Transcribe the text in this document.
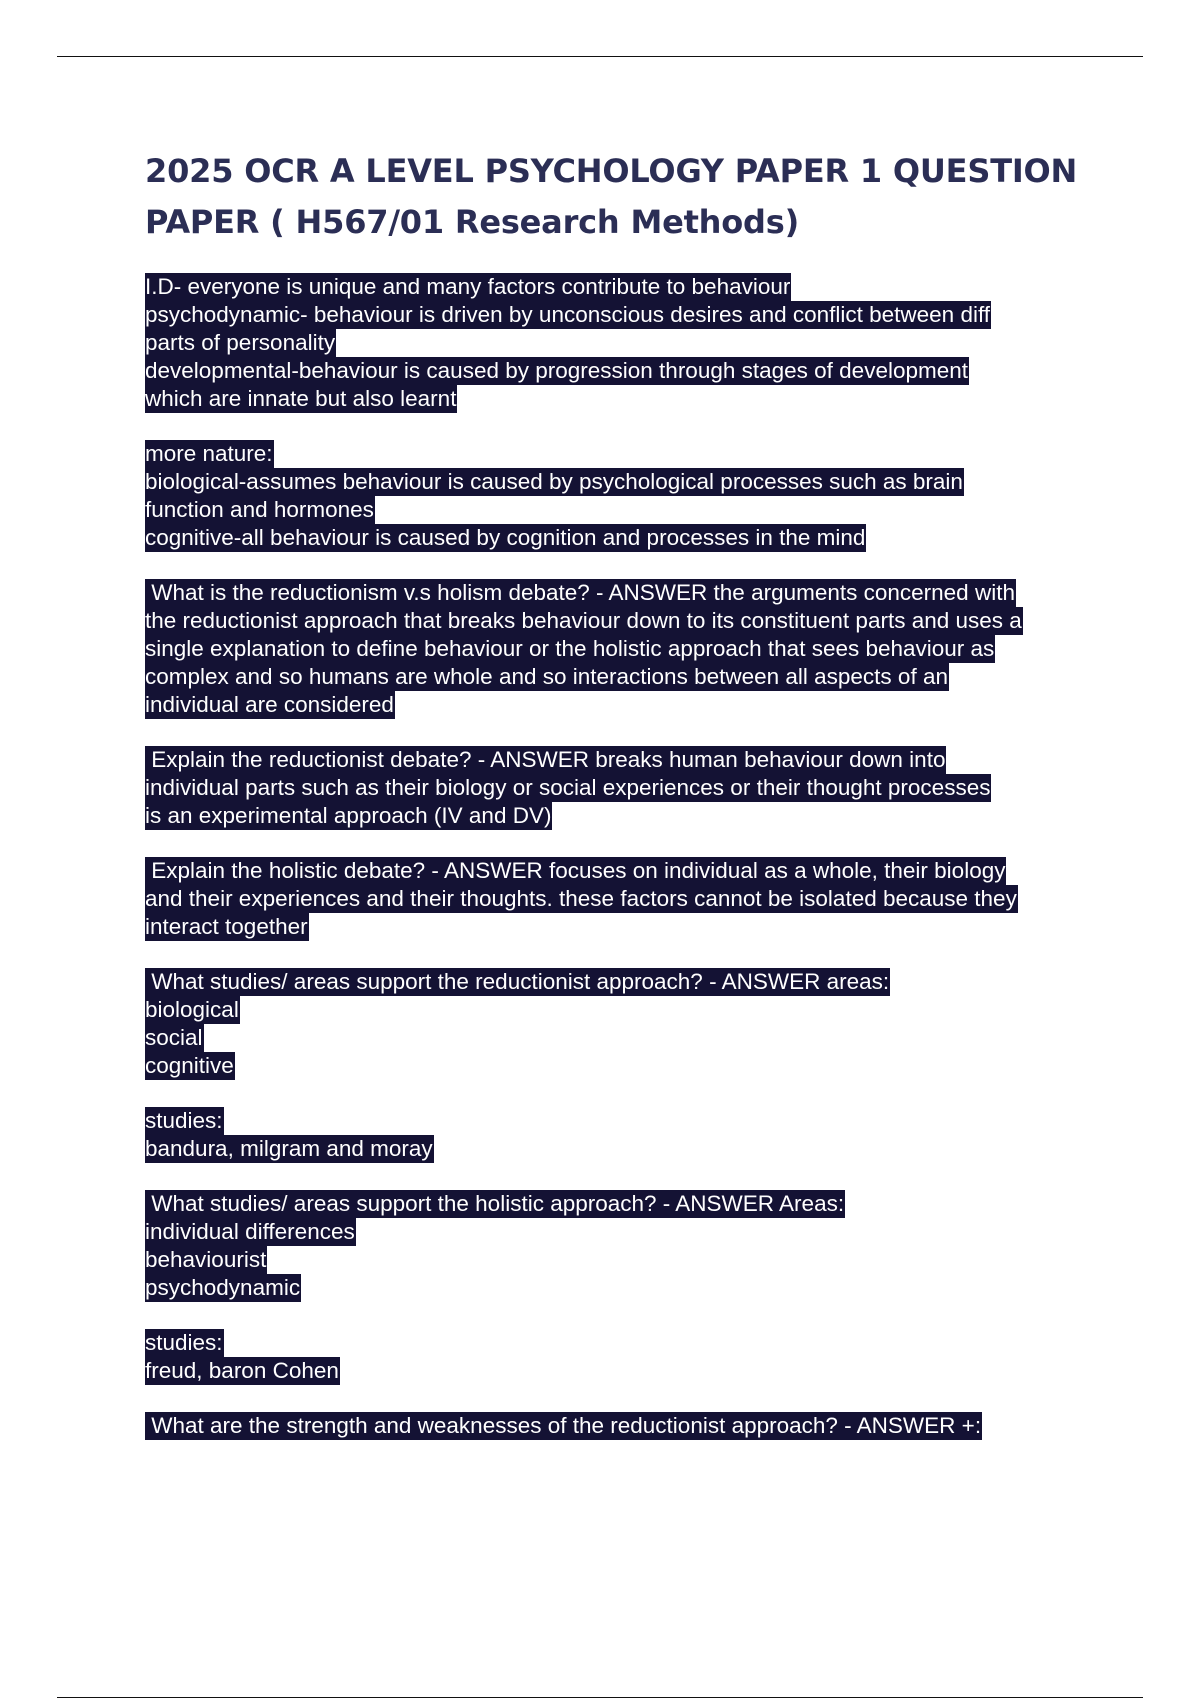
2025 OCR A LEVEL PSYCHOLOGY PAPER 1 QUESTION
PAPER ( H567/01 Research Methods)
I.D- everyone is unique and many factors contribute to behaviour
psychodynamic- behaviour is driven by unconscious desires and conflict between diff
parts of personality
developmental-behaviour is caused by progression through stages of development
which are innate but also learnt
more nature:
biological-assumes behaviour is caused by psychological processes such as brain
function and hormones
cognitive-all behaviour is caused by cognition and processes in the mind
What is the reductionism v.s holism debate? - ANSWER the arguments concerned with
the reductionist approach that breaks behaviour down to its constituent parts and uses a
single explanation to define behaviour or the holistic approach that sees behaviour as
complex and so humans are whole and so interactions between all aspects of an
individual are considered
Explain the reductionist debate? - ANSWER breaks human behaviour down into
individual parts such as their biology or social experiences or their thought processes
is an experimental approach (IV and DV)
Explain the holistic debate? - ANSWER focuses on individual as a whole, their biology
and their experiences and their thoughts. these factors cannot be isolated because they
interact together
What studies/ areas support the reductionist approach? - ANSWER areas:
biological
social
cognitive
studies:
bandura, milgram and moray
What studies/ areas support the holistic approach? - ANSWER Areas:
individual differences
behaviourist
psychodynamic
studies:
freud, baron Cohen
What are the strength and weaknesses of the reductionist approach? - ANSWER +:
